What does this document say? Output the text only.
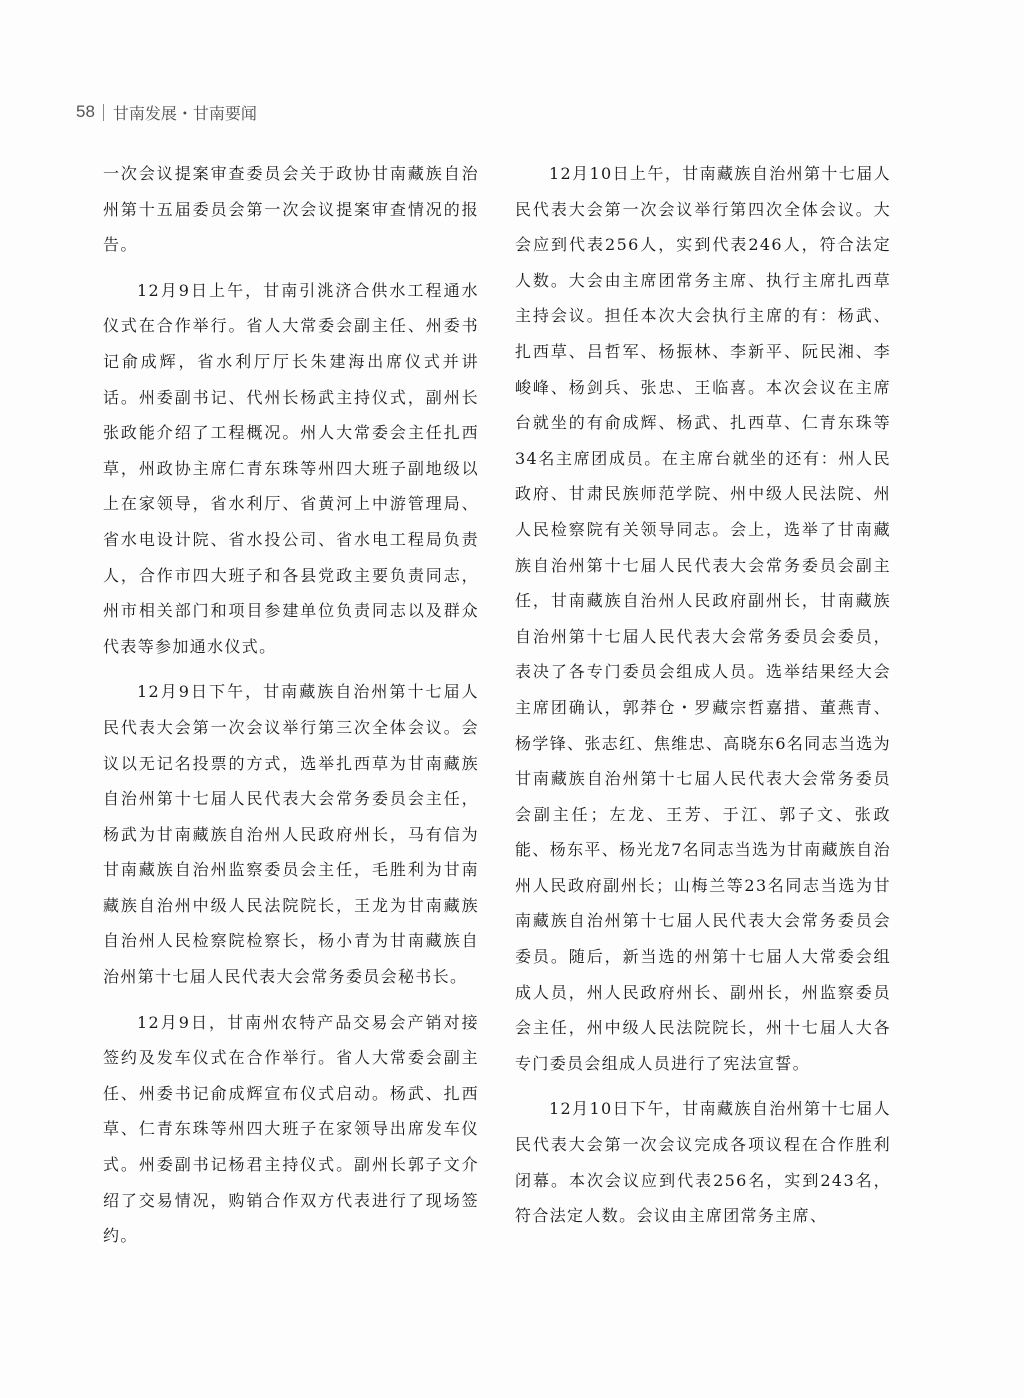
58 甘南发展・甘南要闻

一次会议提案审查委员会关于政协甘南藏族自治州第十五届委员会第一次会议提案审查情况的报告。

12月9日上午，甘南引洮济合供水工程通水仪式在合作举行。省人大常委会副主任、州委书记俞成辉，省水利厅厅长朱建海出席仪式并讲话。州委副书记、代州长杨武主持仪式，副州长张政能介绍了工程概况。州人大常委会主任扎西草，州政协主席仁青东珠等州四大班子副地级以上在家领导，省水利厅、省黄河上中游管理局、省水电设计院、省水投公司、省水电工程局负责人，合作市四大班子和各县党政主要负责同志，州市相关部门和项目参建单位负责同志以及群众代表等参加通水仪式。

12月9日下午，甘南藏族自治州第十七届人民代表大会第一次会议举行第三次全体会议。会议以无记名投票的方式，选举扎西草为甘南藏族自治州第十七届人民代表大会常务委员会主任，杨武为甘南藏族自治州人民政府州长，马有信为甘南藏族自治州监察委员会主任，毛胜利为甘南藏族自治州中级人民法院院长，王龙为甘南藏族自治州人民检察院检察长，杨小青为甘南藏族自治州第十七届人民代表大会常务委员会秘书长。

12月9日，甘南州农特产品交易会产销对接签约及发车仪式在合作举行。省人大常委会副主任、州委书记俞成辉宣布仪式启动。杨武、扎西草、仁青东珠等州四大班子在家领导出席发车仪式。州委副书记杨君主持仪式。副州长郭子文介绍了交易情况，购销合作双方代表进行了现场签约。

12月10日上午，甘南藏族自治州第十七届人民代表大会第一次会议举行第四次全体会议。大会应到代表256人，实到代表246人，符合法定人数。大会由主席团常务主席、执行主席扎西草主持会议。担任本次大会执行主席的有：杨武、扎西草、吕哲军、杨振林、李新平、阮民湘、李峻峰、杨剑兵、张忠、王临喜。本次会议在主席台就坐的有俞成辉、杨武、扎西草、仁青东珠等34名主席团成员。在主席台就坐的还有：州人民政府、甘肃民族师范学院、州中级人民法院、州人民检察院有关领导同志。会上，选举了甘南藏族自治州第十七届人民代表大会常务委员会副主任，甘南藏族自治州人民政府副州长，甘南藏族自治州第十七届人民代表大会常务委员会委员，表决了各专门委员会组成人员。选举结果经大会主席团确认，郭莽仓・罗藏宗哲嘉措、董燕青、杨学锋、张志红、焦维忠、高晓东6名同志当选为甘南藏族自治州第十七届人民代表大会常务委员会副主任；左龙、王芳、于江、郭子文、张政能、杨东平、杨光龙7名同志当选为甘南藏族自治州人民政府副州长；山梅兰等23名同志当选为甘南藏族自治州第十七届人民代表大会常务委员会委员。随后，新当选的州第十七届人大常委会组成人员，州人民政府州长、副州长，州监察委员会主任，州中级人民法院院长，州十七届人大各专门委员会组成人员进行了宪法宣誓。

12月10日下午，甘南藏族自治州第十七届人民代表大会第一次会议完成各项议程在合作胜利闭幕。本次会议应到代表256名，实到243名，符合法定人数。会议由主席团常务主席、
